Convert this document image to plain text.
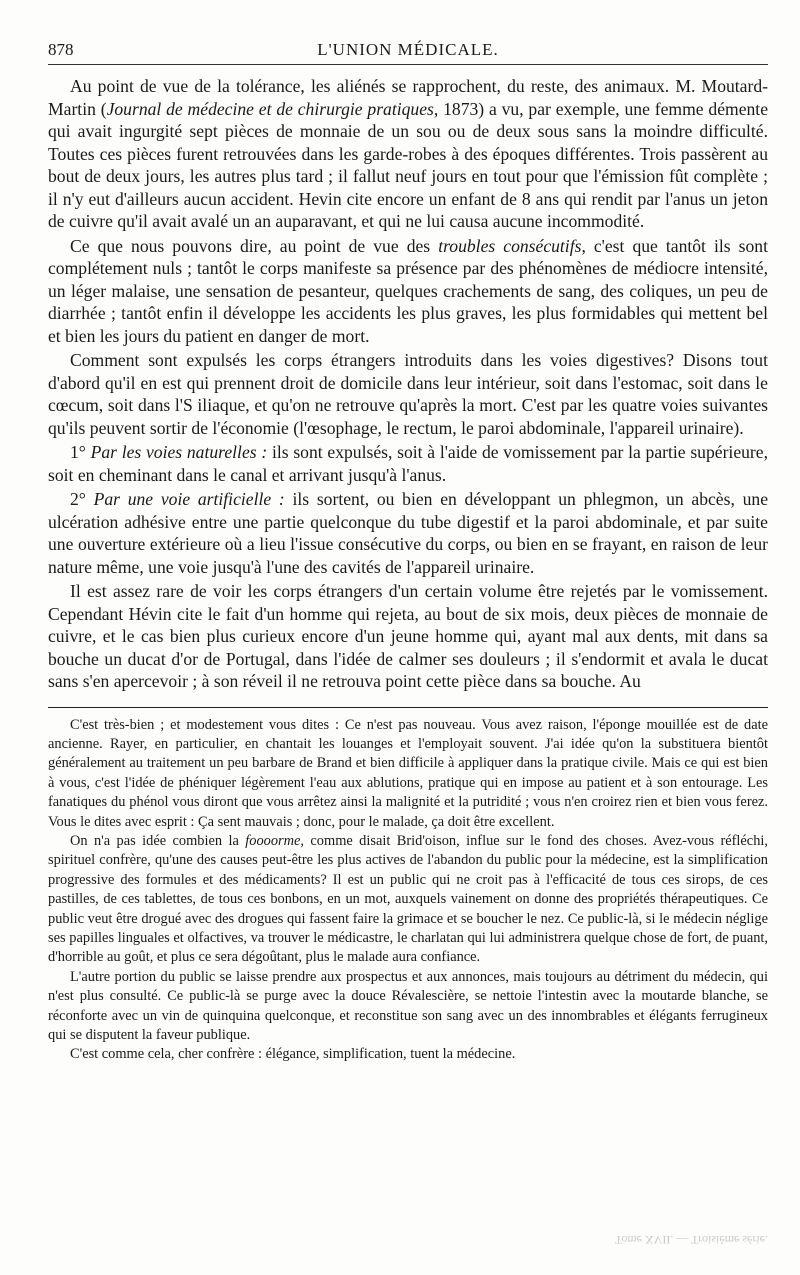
878	L'UNION MÉDICALE.

Au point de vue de la tolérance, les aliénés se rapprochent, du reste, des animaux. M. Moutard-Martin (Journal de médecine et de chirurgie pratiques, 1873) a vu, par exemple, une femme démente qui avait ingurgité sept pièces de monnaie de un sou ou de deux sous sans la moindre difficulté. Toutes ces pièces furent retrouvées dans les garde-robes à des époques différentes. Trois passèrent au bout de deux jours, les autres plus tard ; il fallut neuf jours en tout pour que l'émission fût complète ; il n'y eut d'ailleurs aucun accident. Hevin cite encore un enfant de 8 ans qui rendit par l'anus un jeton de cuivre qu'il avait avalé un an auparavant, et qui ne lui causa aucune incommodité.

Ce que nous pouvons dire, au point de vue des troubles consécutifs, c'est que tantôt ils sont complétement nuls ; tantôt le corps manifeste sa présence par des phénomènes de médiocre intensité, un léger malaise, une sensation de pesanteur, quelques crachements de sang, des coliques, un peu de diarrhée ; tantôt enfin il développe les accidents les plus graves, les plus formidables qui mettent bel et bien les jours du patient en danger de mort.

Comment sont expulsés les corps étrangers introduits dans les voies digestives? Disons tout d'abord qu'il en est qui prennent droit de domicile dans leur intérieur, soit dans l'estomac, soit dans le cœcum, soit dans l'S iliaque, et qu'on ne retrouve qu'après la mort. C'est par les quatre voies suivantes qu'ils peuvent sortir de l'économie (l'œsophage, le rectum, le paroi abdominale, l'appareil urinaire).

1° Par les voies naturelles : ils sont expulsés, soit à l'aide de vomissement par la partie supérieure, soit en cheminant dans le canal et arrivant jusqu'à l'anus.

2° Par une voie artificielle : ils sortent, ou bien en développant un phlegmon, un abcès, une ulcération adhésive entre une partie quelconque du tube digestif et la paroi abdominale, et par suite une ouverture extérieure où a lieu l'issue consécutive du corps, ou bien en se frayant, en raison de leur nature même, une voie jusqu'à l'une des cavités de l'appareil urinaire.

Il est assez rare de voir les corps étrangers d'un certain volume être rejetés par le vomissement. Cependant Hévin cite le fait d'un homme qui rejeta, au bout de six mois, deux pièces de monnaie de cuivre, et le cas bien plus curieux encore d'un jeune homme qui, ayant mal aux dents, mit dans sa bouche un ducat d'or de Portugal, dans l'idée de calmer ses douleurs ; il s'endormit et avala le ducat sans s'en apercevoir ; à son réveil il ne retrouva point cette pièce dans sa bouche. Au

C'est très-bien ; et modestement vous dites : Ce n'est pas nouveau. Vous avez raison, l'éponge mouillée est de date ancienne. Rayer, en particulier, en chantait les louanges et l'employait souvent. J'ai idée qu'on la substituera bientôt généralement au traitement un peu barbare de Brand et bien difficile à appliquer dans la pratique civile. Mais ce qui est bien à vous, c'est l'idée de phéniquer légèrement l'eau aux ablutions, pratique qui en impose au patient et à son entourage. Les fanatiques du phénol vous diront que vous arrêtez ainsi la malignité et la putridité ; vous n'en croirez rien et bien vous ferez. Vous le dites avec esprit : Ça sent mauvais ; donc, pour le malade, ça doit être excellent.

On n'a pas idée combien la foooorme, comme disait Brid'oison, influe sur le fond des choses. Avez-vous réfléchi, spirituel confrère, qu'une des causes peut-être les plus actives de l'abandon du public pour la médecine, est la simplification progressive des formules et des médicaments? Il est un public qui ne croit pas à l'efficacité de tous ces sirops, de ces pastilles, de ces tablettes, de tous ces bonbons, en un mot, auxquels vainement on donne des propriétés thérapeutiques. Ce public veut être drogué avec des drogues qui fassent faire la grimace et se boucher le nez. Ce public-là, si le médecin néglige ses papilles linguales et olfactives, va trouver le médicastre, le charlatan qui lui administrera quelque chose de fort, de puant, d'horrible au goût, et plus ce sera dégoûtant, plus le malade aura confiance.

L'autre portion du public se laisse prendre aux prospectus et aux annonces, mais toujours au détriment du médecin, qui n'est plus consulté. Ce public-là se purge avec la douce Révalescière, se nettoie l'intestin avec la moutarde blanche, se réconforte avec un vin de quinquina quelconque, et reconstitue son sang avec un des innombrables et élégants ferrugineux qui se disputent la faveur publique.

C'est comme cela, cher confrère : élégance, simplification, tuent la médecine.

Tome XVII. — Troisième série.
